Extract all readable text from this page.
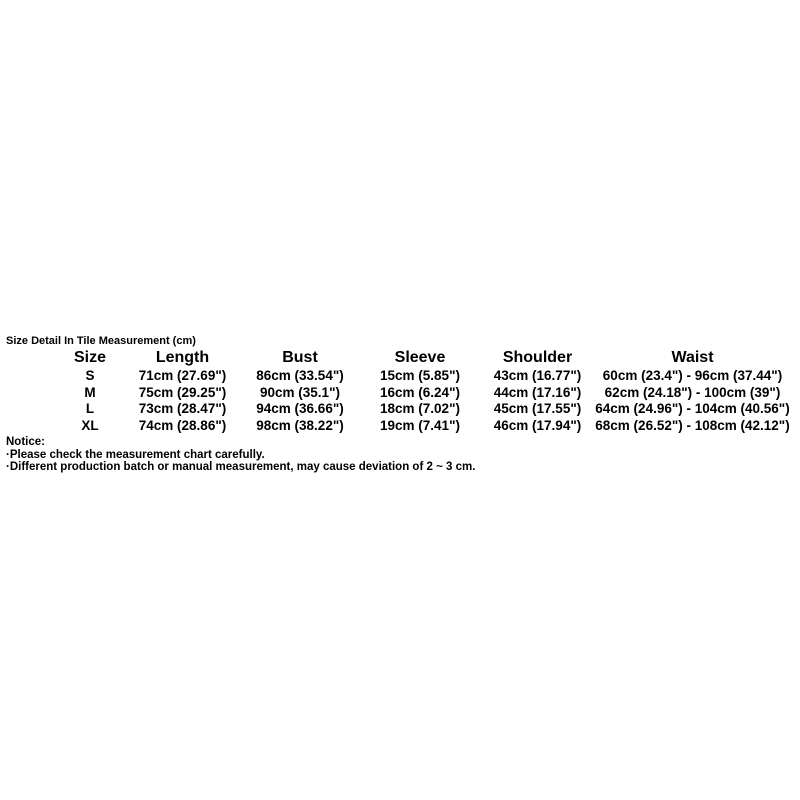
Size Detail In Tile Measurement (cm)
Size	Length	Bust	Sleeve	Shoulder	Waist
S	71cm (27.69")	86cm (33.54")	15cm (5.85")	43cm (16.77")	60cm (23.4") - 96cm (37.44")
M	75cm (29.25")	90cm (35.1")	16cm (6.24")	44cm (17.16")	62cm (24.18") - 100cm (39")
L	73cm (28.47")	94cm (36.66")	18cm (7.02")	45cm (17.55")	64cm (24.96") - 104cm (40.56")
XL	74cm (28.86")	98cm (38.22")	19cm (7.41")	46cm (17.94")	68cm (26.52") - 108cm (42.12")
Notice:
·Please check the measurement chart carefully.
·Different production batch or manual measurement, may cause deviation of 2 ~ 3 cm.
